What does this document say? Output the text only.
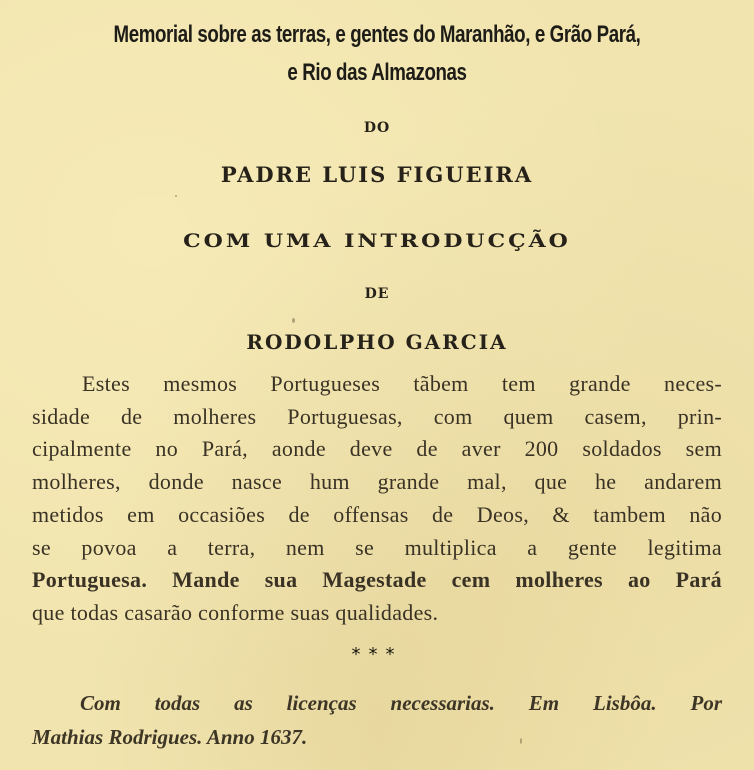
Memorial sobre as terras, e gentes do Maranhão, e Grão Pará,
e Rio das Almazonas
DO
PADRE LUIS FIGUEIRA
COM UMA INTRODUCÇÃO
DE
RODOLPHO GARCIA
Estes mesmos Portugueses tãbem tem grande neces-
sidade de molheres Portuguesas, com quem casem, prin-
cipalmente no Pará, aonde deve de aver 200 soldados sem
molheres, donde nasce hum grande mal, que he andarem
metidos em occasiões de offensas de Deos, & tambem não
se povoa a terra, nem se multiplica a gente legitima
Portuguesa. Mande sua Magestade cem molheres ao Pará
que todas casarão conforme suas qualidades.
***
Com todas as licenças necessarias. Em Lisbôa. Por
Mathias Rodrigues. Anno 1637.
